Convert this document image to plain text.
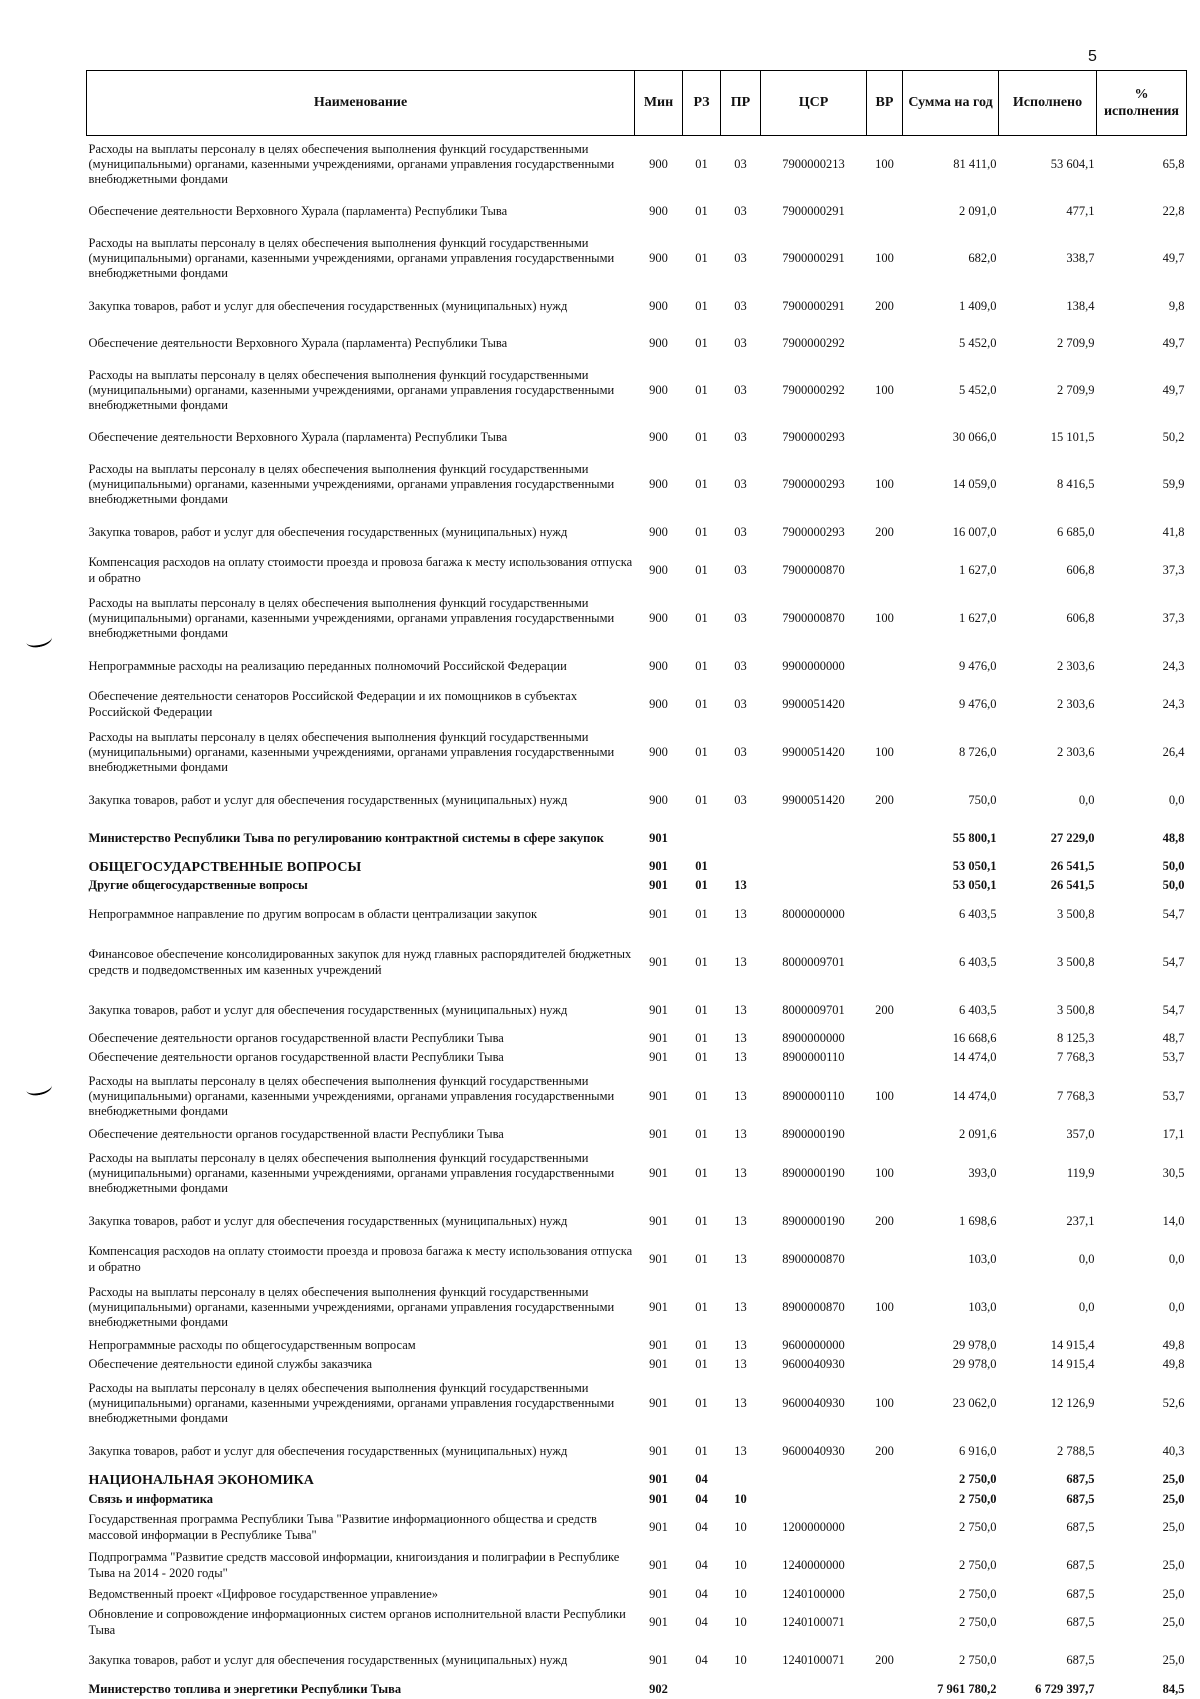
5
Наименование	Мин	РЗ	ПР	ЦСР	ВР	Сумма на год	Исполнено	% исполнения
Расходы на выплаты персоналу в целях обеспечения выполнения функций государственными (муниципальными) органами, казенными учреждениями, органами управления государственными внебюджетными фондами	900	01	03	7900000213	100	81 411,0	53 604,1	65,8
Обеспечение деятельности Верховного Хурала (парламента) Республики Тыва	900	01	03	7900000291		2 091,0	477,1	22,8
Расходы на выплаты персоналу в целях обеспечения выполнения функций государственными (муниципальными) органами, казенными учреждениями, органами управления государственными внебюджетными фондами	900	01	03	7900000291	100	682,0	338,7	49,7
Закупка товаров, работ и услуг для обеспечения государственных (муниципальных) нужд	900	01	03	7900000291	200	1 409,0	138,4	9,8
Обеспечение деятельности Верховного Хурала (парламента) Республики Тыва	900	01	03	7900000292		5 452,0	2 709,9	49,7
Расходы на выплаты персоналу в целях обеспечения выполнения функций государственными (муниципальными) органами, казенными учреждениями, органами управления государственными внебюджетными фондами	900	01	03	7900000292	100	5 452,0	2 709,9	49,7
Обеспечение деятельности Верховного Хурала (парламента) Республики Тыва	900	01	03	7900000293		30 066,0	15 101,5	50,2
Расходы на выплаты персоналу в целях обеспечения выполнения функций государственными (муниципальными) органами, казенными учреждениями, органами управления государственными внебюджетными фондами	900	01	03	7900000293	100	14 059,0	8 416,5	59,9
Закупка товаров, работ и услуг для обеспечения государственных (муниципальных) нужд	900	01	03	7900000293	200	16 007,0	6 685,0	41,8
Компенсация расходов на оплату стоимости проезда и провоза багажа к месту использования отпуска и обратно	900	01	03	7900000870		1 627,0	606,8	37,3
Расходы на выплаты персоналу в целях обеспечения выполнения функций государственными (муниципальными) органами, казенными учреждениями, органами управления государственными внебюджетными фондами	900	01	03	7900000870	100	1 627,0	606,8	37,3
Непрограммные расходы на реализацию переданных полномочий Российской Федерации	900	01	03	9900000000		9 476,0	2 303,6	24,3
Обеспечение деятельности сенаторов Российской Федерации и их помощников в субъектах Российской Федерации	900	01	03	9900051420		9 476,0	2 303,6	24,3
Расходы на выплаты персоналу в целях обеспечения выполнения функций государственными (муниципальными) органами, казенными учреждениями, органами управления государственными внебюджетными фондами	900	01	03	9900051420	100	8 726,0	2 303,6	26,4
Закупка товаров, работ и услуг для обеспечения государственных (муниципальных) нужд	900	01	03	9900051420	200	750,0	0,0	0,0
Министерство Республики Тыва по регулированию контрактной системы в сфере закупок	901					55 800,1	27 229,0	48,8
ОБЩЕГОСУДАРСТВЕННЫЕ ВОПРОСЫ	901	01				53 050,1	26 541,5	50,0
Другие общегосударственные вопросы	901	01	13			53 050,1	26 541,5	50,0
Непрограммное направление по другим вопросам в области централизации закупок	901	01	13	8000000000		6 403,5	3 500,8	54,7
Финансовое обеспечение консолидированных закупок для нужд главных распорядителей бюджетных средств и подведомственных им казенных учреждений	901	01	13	8000009701		6 403,5	3 500,8	54,7
Закупка товаров, работ и услуг для обеспечения государственных (муниципальных) нужд	901	01	13	8000009701	200	6 403,5	3 500,8	54,7
Обеспечение деятельности органов государственной власти Республики Тыва	901	01	13	8900000000		16 668,6	8 125,3	48,7
Обеспечение деятельности органов государственной власти Республики Тыва	901	01	13	8900000110		14 474,0	7 768,3	53,7
Расходы на выплаты персоналу в целях обеспечения выполнения функций государственными (муниципальными) органами, казенными учреждениями, органами управления государственными внебюджетными фондами	901	01	13	8900000110	100	14 474,0	7 768,3	53,7
Обеспечение деятельности органов государственной власти Республики Тыва	901	01	13	8900000190		2 091,6	357,0	17,1
Расходы на выплаты персоналу в целях обеспечения выполнения функций государственными (муниципальными) органами, казенными учреждениями, органами управления государственными внебюджетными фондами	901	01	13	8900000190	100	393,0	119,9	30,5
Закупка товаров, работ и услуг для обеспечения государственных (муниципальных) нужд	901	01	13	8900000190	200	1 698,6	237,1	14,0
Компенсация расходов на оплату стоимости проезда и провоза багажа к месту использования отпуска и обратно	901	01	13	8900000870		103,0	0,0	0,0
Расходы на выплаты персоналу в целях обеспечения выполнения функций государственными (муниципальными) органами, казенными учреждениями, органами управления государственными внебюджетными фондами	901	01	13	8900000870	100	103,0	0,0	0,0
Непрограммные расходы по общегосударственным вопросам	901	01	13	9600000000		29 978,0	14 915,4	49,8
Обеспечение деятельности единой службы заказчика	901	01	13	9600040930		29 978,0	14 915,4	49,8
Расходы на выплаты персоналу в целях обеспечения выполнения функций государственными (муниципальными) органами, казенными учреждениями, органами управления государственными внебюджетными фондами	901	01	13	9600040930	100	23 062,0	12 126,9	52,6
Закупка товаров, работ и услуг для обеспечения государственных (муниципальных) нужд	901	01	13	9600040930	200	6 916,0	2 788,5	40,3
НАЦИОНАЛЬНАЯ ЭКОНОМИКА	901	04				2 750,0	687,5	25,0
Связь и информатика	901	04	10			2 750,0	687,5	25,0
Государственная программа Республики Тыва "Развитие информационного общества и средств массовой информации в Республике Тыва"	901	04	10	1200000000		2 750,0	687,5	25,0
Подпрограмма "Развитие средств массовой информации, книгоиздания и полиграфии в Республике Тыва на 2014 - 2020 годы"	901	04	10	1240000000		2 750,0	687,5	25,0
Ведомственный проект «Цифровое государственное управление»	901	04	10	1240100000		2 750,0	687,5	25,0
Обновление и сопровождение информационных систем органов исполнительной власти Республики Тыва	901	04	10	1240100071		2 750,0	687,5	25,0
Закупка товаров, работ и услуг для обеспечения государственных (муниципальных) нужд	901	04	10	1240100071	200	2 750,0	687,5	25,0
Министерство топлива и энергетики Республики Тыва	902					7 961 780,2	6 729 397,7	84,5
